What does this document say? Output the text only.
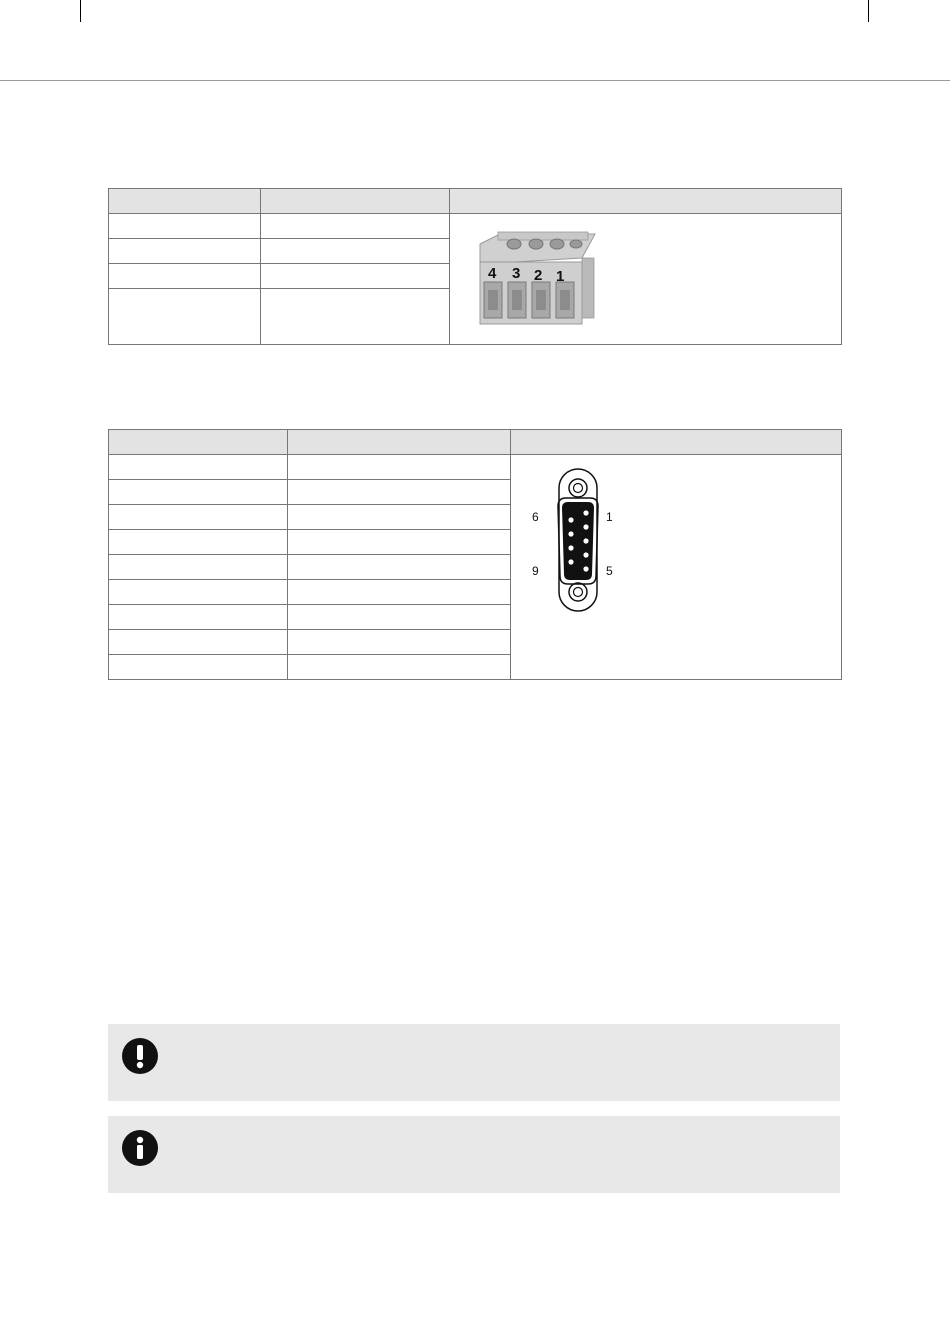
4 3 2 1

6 1
9 5
